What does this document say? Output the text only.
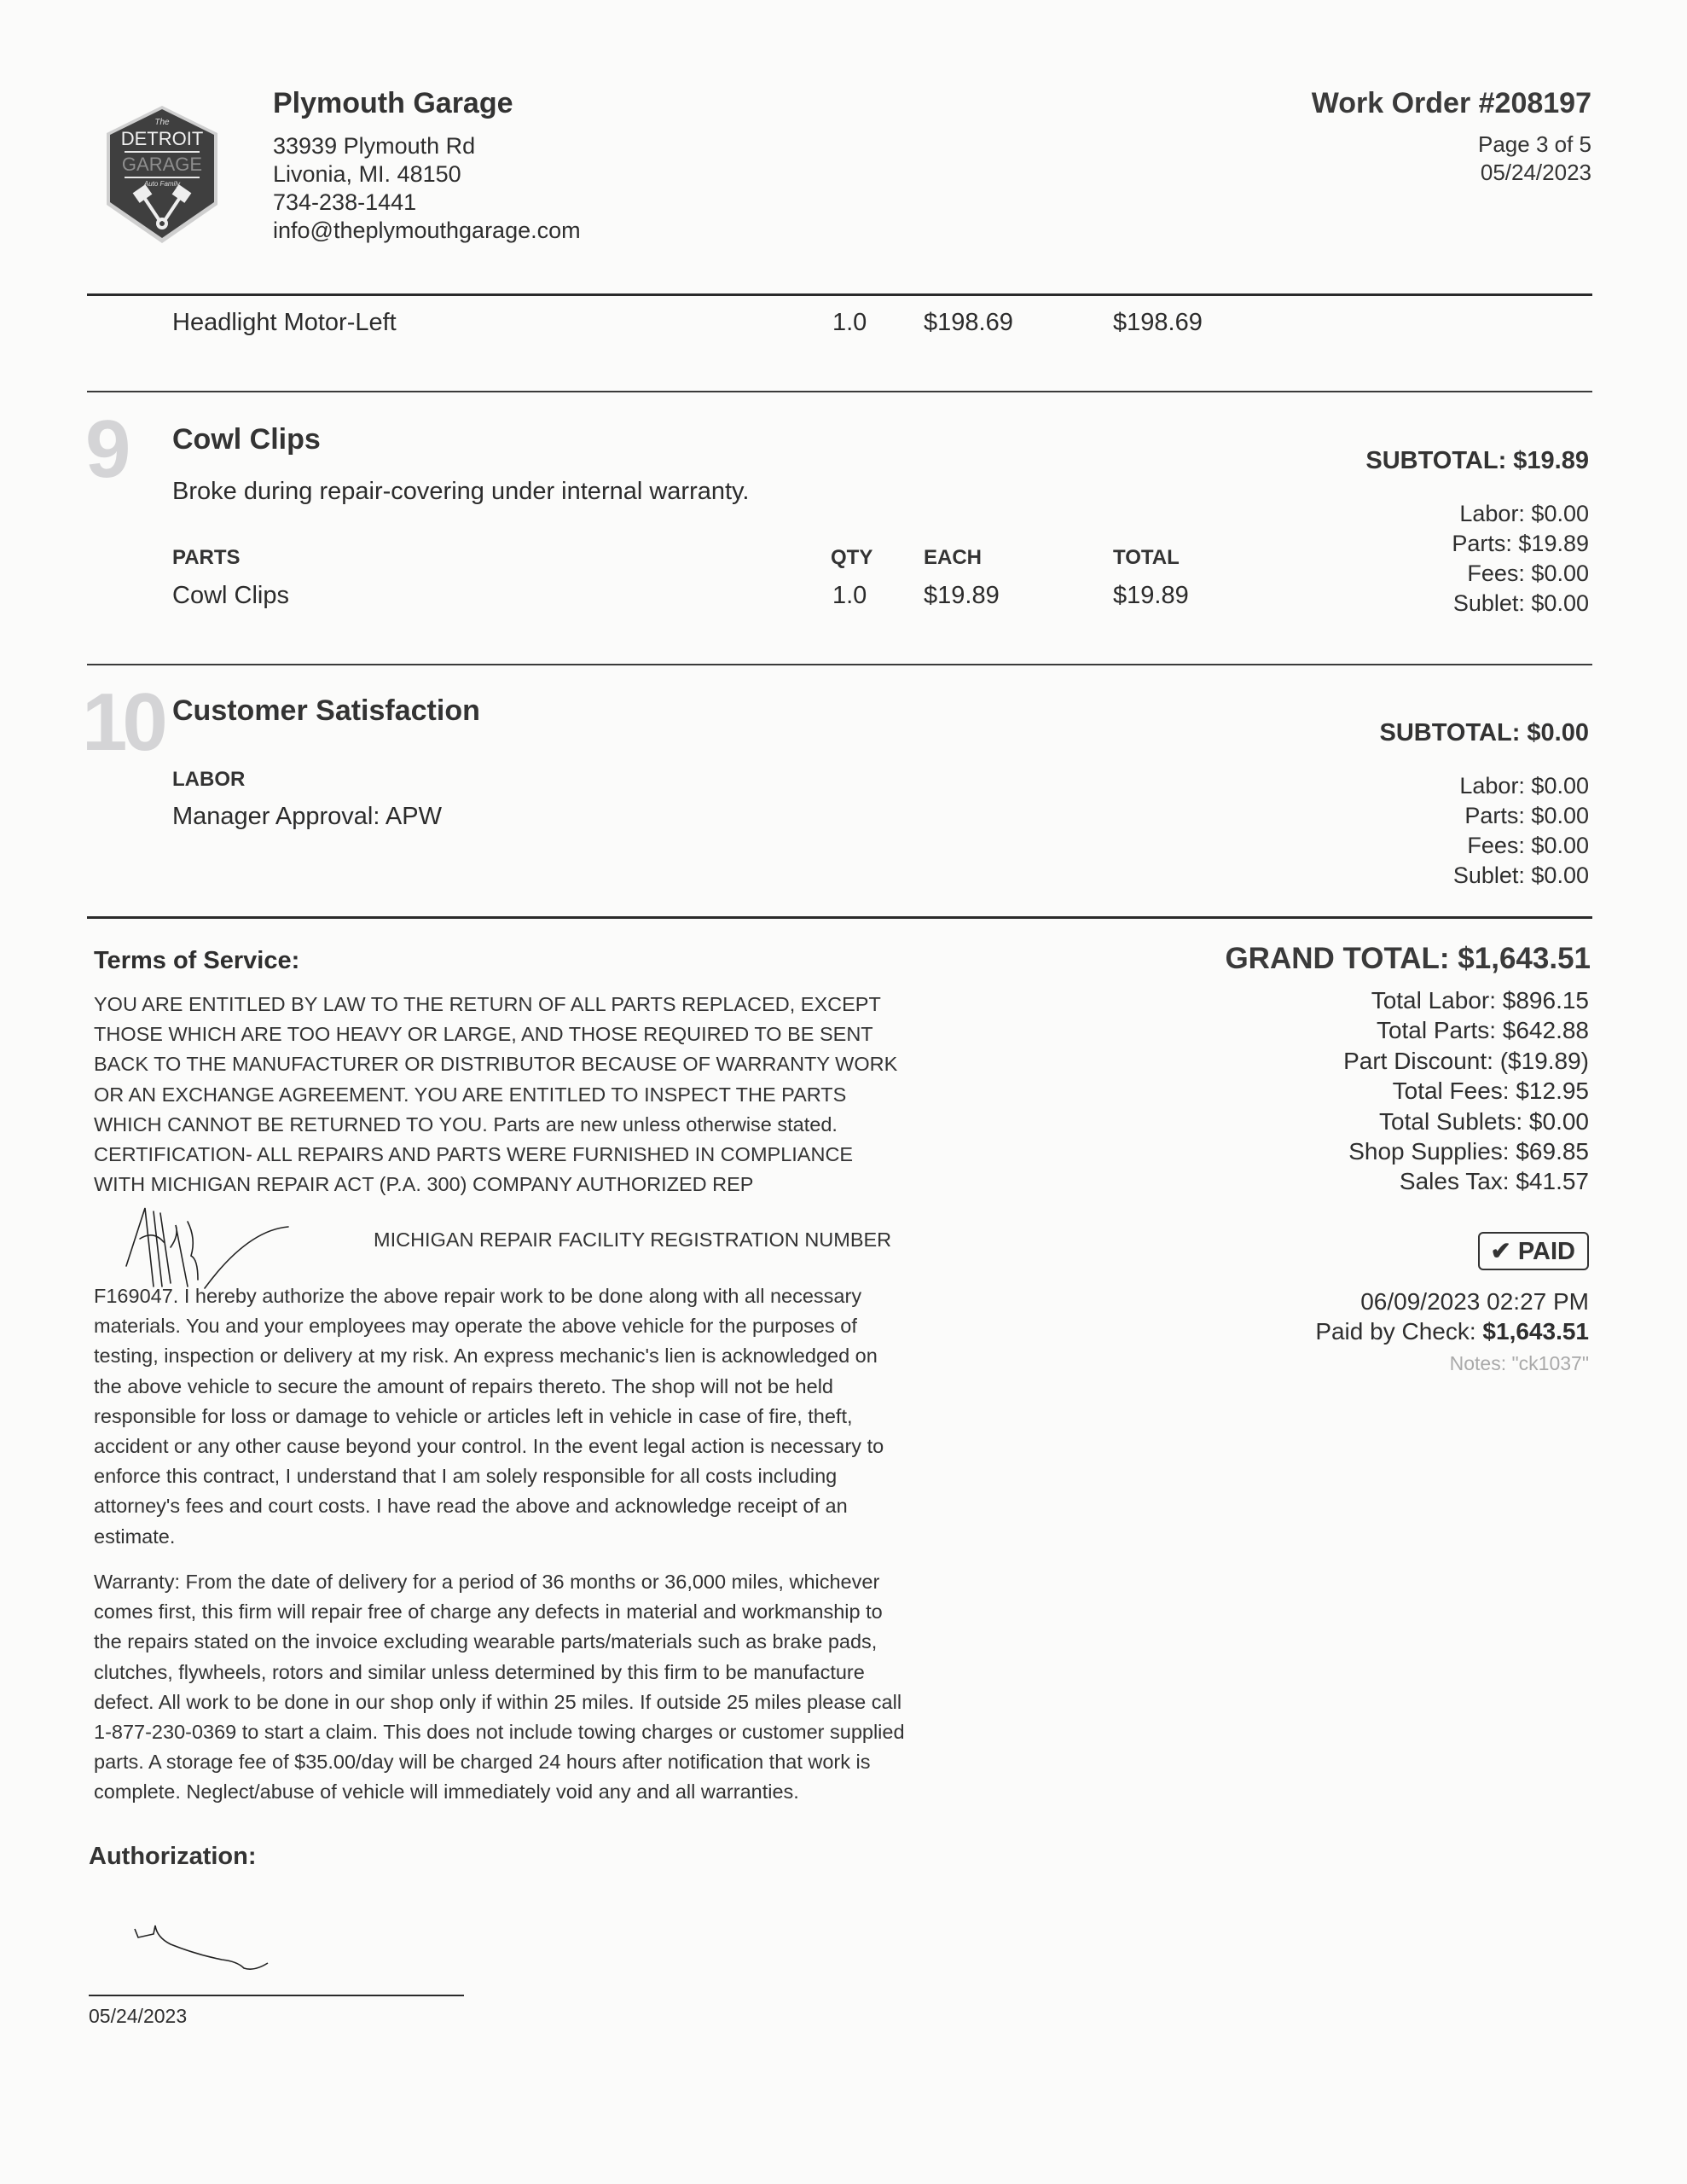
The
DETROIT
GARAGE
Auto Family
Plymouth Garage
33939 Plymouth Rd
Livonia, MI. 48150
734-238-1441
info@theplymouthgarage.com
Work Order #208197
Page 3 of 5
05/24/2023
Headlight Motor-Left	1.0 $198.69	$198.69
9 Cowl Clips
Broke during repair-covering under internal warranty.
PARTS	QTY EACH	TOTAL
Cowl Clips	1.0 $19.89	$19.89
SUBTOTAL: $19.89
Labor: $0.00
Parts: $19.89
Fees: $0.00
Sublet: $0.00
10 Customer Satisfaction
LABOR
Manager Approval: APW
SUBTOTAL: $0.00
Labor: $0.00
Parts: $0.00
Fees: $0.00
Sublet: $0.00
Terms of Service:
YOU ARE ENTITLED BY LAW TO THE RETURN OF ALL PARTS REPLACED, EXCEPT
THOSE WHICH ARE TOO HEAVY OR LARGE, AND THOSE REQUIRED TO BE SENT
BACK TO THE MANUFACTURER OR DISTRIBUTOR BECAUSE OF WARRANTY WORK
OR AN EXCHANGE AGREEMENT. YOU ARE ENTITLED TO INSPECT THE PARTS
WHICH CANNOT BE RETURNED TO YOU. Parts are new unless otherwise stated.
CERTIFICATION- ALL REPAIRS AND PARTS WERE FURNISHED IN COMPLIANCE
WITH MICHIGAN REPAIR ACT (P.A. 300) COMPANY AUTHORIZED REP
MICHIGAN REPAIR FACILITY REGISTRATION NUMBER
F169047. I hereby authorize the above repair work to be done along with all necessary
materials. You and your employees may operate the above vehicle for the purposes of
testing, inspection or delivery at my risk. An express mechanic's lien is acknowledged on
the above vehicle to secure the amount of repairs thereto. The shop will not be held
responsible for loss or damage to vehicle or articles left in vehicle in case of fire, theft,
accident or any other cause beyond your control. In the event legal action is necessary to
enforce this contract, I understand that I am solely responsible for all costs including
attorney's fees and court costs. I have read the above and acknowledge receipt of an
estimate.
Warranty: From the date of delivery for a period of 36 months or 36,000 miles, whichever
comes first, this firm will repair free of charge any defects in material and workmanship to
the repairs stated on the invoice excluding wearable parts/materials such as brake pads,
clutches, flywheels, rotors and similar unless determined by this firm to be manufacture
defect. All work to be done in our shop only if within 25 miles. If outside 25 miles please call
1-877-230-0369 to start a claim. This does not include towing charges or customer supplied
parts. A storage fee of $35.00/day will be charged 24 hours after notification that work is
complete. Neglect/abuse of vehicle will immediately void any and all warranties.
GRAND TOTAL: $1,643.51
Total Labor: $896.15
Total Parts: $642.88
Part Discount: ($19.89)
Total Fees: $12.95
Total Sublets: $0.00
Shop Supplies: $69.85
Sales Tax: $41.57
✔ PAID
06/09/2023 02:27 PM
Paid by Check: $1,643.51
Notes: "ck1037"
Authorization:
05/24/2023
